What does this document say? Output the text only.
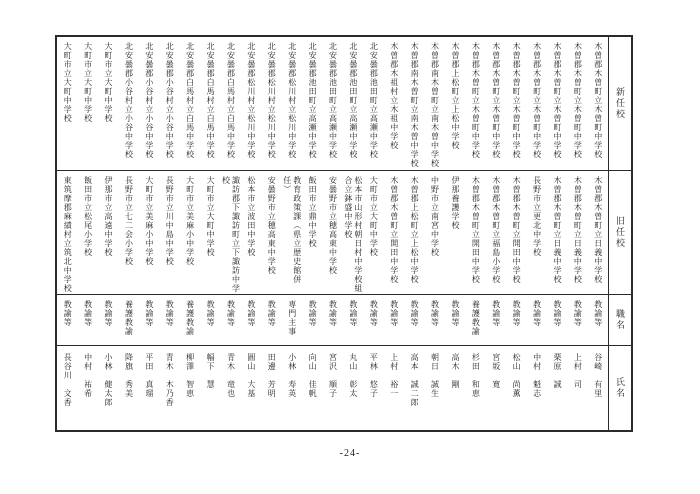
新任校
旧任校
職名
氏名
木曽郡木曽町立木曽町中学校
木曽郡木曽町立木曽町中学校
木曽郡木曽町立木曽町中学校
木曽郡木曽町立木曽町中学校
木曽郡木曽町立木曽町中学校
木曽郡木曽町立木曽町中学校
木曽郡木曽町立木曽町中学校
木曽郡上松町立上松中学校
木曽郡南木曽町立南木曽中学校
木曽郡南木曽町立南木曽中学校
木曽郡木祖村立木祖中学校
北安曇郡池田町立高瀬中学校
北安曇郡池田町立高瀬中学校
北安曇郡池田町立高瀬中学校
北安曇郡池田町立高瀬中学校
北安曇郡松川村立松川中学校
北安曇郡松川村立松川中学校
北安曇郡松川村立松川中学校
北安曇郡白馬村立白馬中学校
北安曇郡白馬村立白馬中学校
北安曇郡白馬村立白馬中学校
北安曇郡小谷村立小谷中学校
北安曇郡小谷村立小谷中学校
北安曇郡小谷村立小谷中学校
大町市立大町中学校
大町市立大町中学校
大町市立大町中学校
木曽郡木曽町立日義中学校
木曽郡木曽町立日義中学校
木曽郡木曽町立日義中学校
長野市立更北中学校
木曽郡木曽町立開田中学校
木曽郡木曽町立福島小学校
木曽郡木曽町立開田中学校
伊那養護学校
中野市立南宮中学校
木曽郡上松町立上松中学校
木曽郡木曽町立開田中学校
大町市立大町中学校
松本市山形村朝日村中学校組合立鉢盛中学校
安曇野市立穂高東中学校
飯田市立鼎中学校
教育政策課（県立歴史館併任）
安曇野市立穂高東中学校
松本市立波田中学校
諏訪郡下諏訪町立下諏訪中学校
大町市立大町中学校
大町市立美麻小中学校
長野市立川中島中学校
大町市立美麻小中学校
長野市立七二会小学校
伊那市立高遠中学校
飯田市立松尾小学校
東筑摩郡麻績村立筑北中学校
教諭等
教諭等
教諭等
教諭等
教諭等
教諭等
養護教諭
教諭等
教諭等
教諭等
教諭等
教諭等
教諭等
教諭等
教諭等
専門主事
教諭等
教諭等
教諭等
教諭等
養護教諭
教諭等
教諭等
養護教諭
教諭等
教諭等
教諭等
谷崎　有里
上村　司
栗原　誠
中村　魁志
松山　尚薫
宮坂　寛
杉田　和恵
高木　剛
朝日　誠生
高本　誠二郎
上村　裕一
平林　悠子
丸山　彰太
宮沢　順子
向山　佳帆
小林　寿英
田邊　芳明
圓山　大基
青木　竜也
幅下　慧
柳澤　智恵
青木　木乃香
平田　真瑠
降旗　秀美
小林　健太郎
中村　祐希
長谷川　文香
-24-
